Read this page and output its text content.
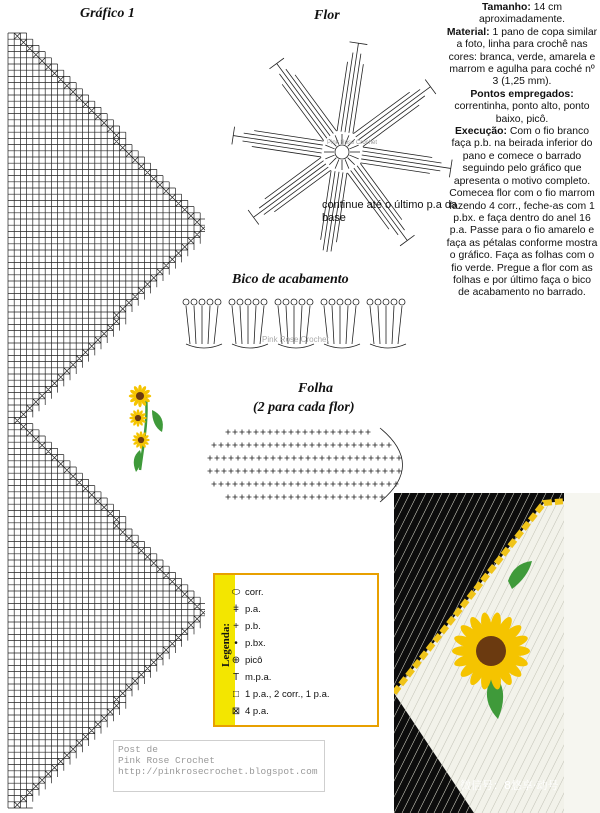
Gráfico 1	Flor
Pink Rose Crochet
continue até o último p.a da base
Bico de acabamento
Pink Rose Crochet
Folha
(2 para cada flor)

Tamanho: 14 cm aproximadamente.

Material: 1 pano de copa similar a foto, linha para crochê nas cores: branca, verde, amarela e marrom e agulha para coché nº 3 (1,25 mm).

Pontos empregados: correntinha, ponto alto, ponto baixo, picô.

Execução: Com o fio branco faça p.b. na beirada inferior do pano e comece o barrado seguindo pelo gráfico que apresenta o motivo completo. Comecea flor com o fio marrom fazendo 4 corr., feche-as com 1 p.bx. e faça dentro do anel 16 p.a. Passe para o fio amarelo e faça as pétalas conforme mostra o gráfico. Faça as folhas com o fio verde. Pregue a flor com as folhas e por último faça o bico de acabamento no barrado.

Legenda:
⬭ corr.
ǂ p.a.
+ p.b.
• p.bx.
⊕ picô
T m.p.a.
□ 1 p.a., 2 corr., 1 p.a.
⊠ 4 p.a.
Post de
Pink Rose Crochet
http://pinkrosecrochet.blogspot.com
微信号：8悠享·动号
